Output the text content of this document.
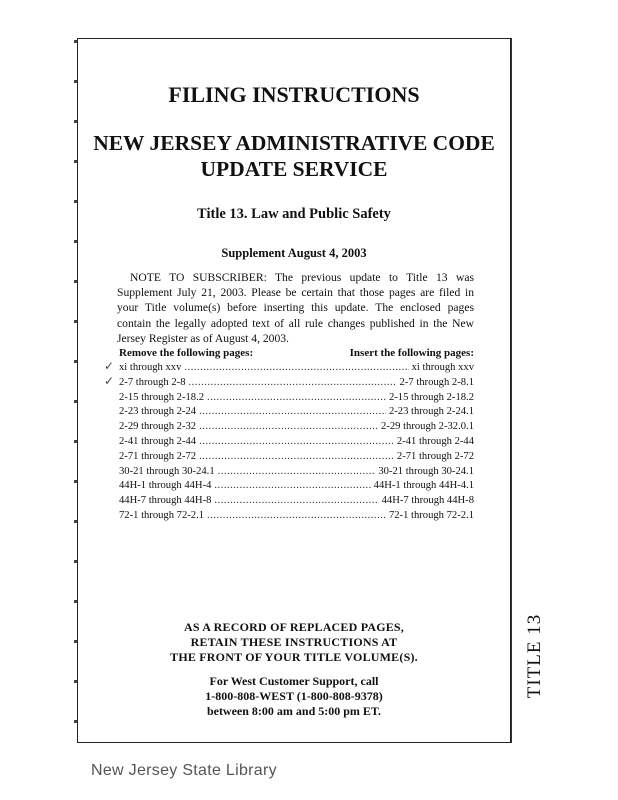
TITLE 13
FILING INSTRUCTIONS
NEW JERSEY ADMINISTRATIVE CODE
UPDATE SERVICE
Title 13. Law and Public Safety
Supplement August 4, 2003
NOTE TO SUBSCRIBER: The previous update to Title 13 was Supplement July 21, 2003. Please be certain that those pages are filed in your Title volume(s) before inserting this update. The enclosed pages contain the legally adopted text of all rule changes published in the New Jersey Register as of August 4, 2003.
Remove the following pages:	Insert the following pages:
✓
✓
xi through xxv .....	xi through xxv
2-7 through 2-8 .....	2-7 through 2-8.1
2-15 through 2-18.2 .....	2-15 through 2-18.2
2-23 through 2-24 .....	2-23 through 2-24.1
2-29 through 2-32 .....	2-29 through 2-32.0.1
2-41 through 2-44 .....	2-41 through 2-44
2-71 through 2-72 .....	2-71 through 2-72
30-21 through 30-24.1 .....	30-21 through 30-24.1
44H-1 through 44H-4 .....	44H-1 through 44H-4.1
44H-7 through 44H-8 .....	44H-7 through 44H-8
72-1 through 72-2.1 .....	72-1 through 72-2.1
AS A RECORD OF REPLACED PAGES,
RETAIN THESE INSTRUCTIONS AT
THE FRONT OF YOUR TITLE VOLUME(S).
For West Customer Support, call
1-800-808-WEST (1-800-808-9378)
between 8:00 am and 5:00 pm ET.
New Jersey State Library
